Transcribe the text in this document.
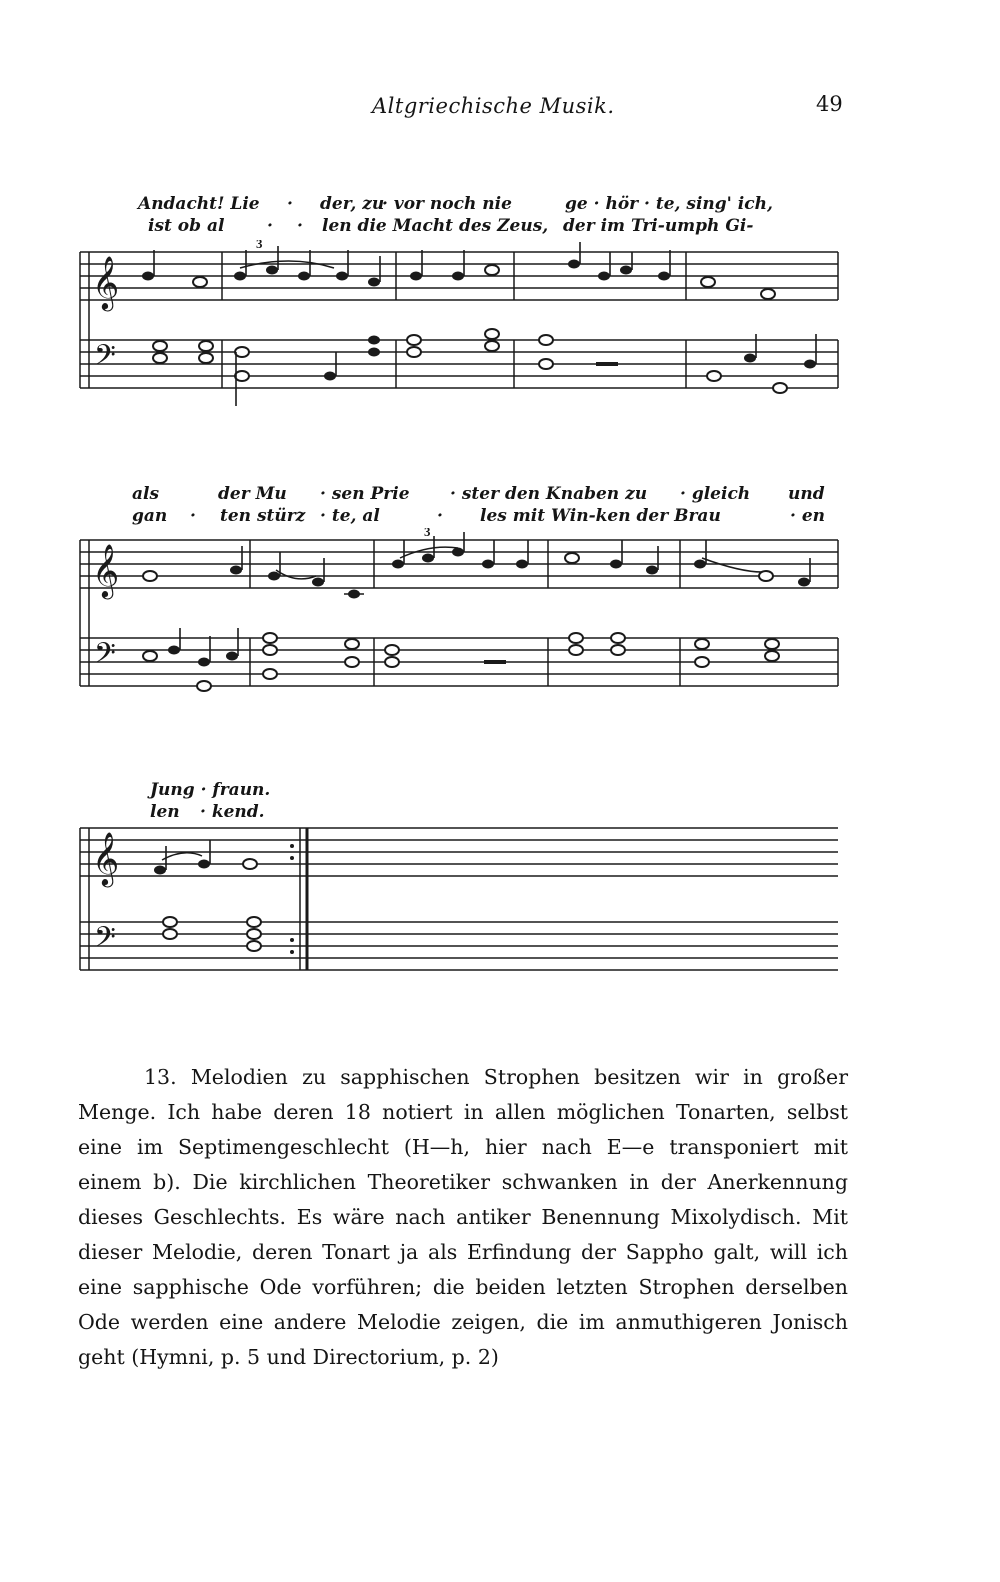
Altgriechische Musik.	49
Andacht! Lie · der, zu
· vor noch nie	ge · hör · te, sing' ich,
ist ob al	· · len die Macht des Zeus, der im Tri-umph Gi-
𝄞
𝄢
3
als	der Mu · sen Prie · ster den Knaben zu · gleich und
gan · ten stürz · te, al	· les mit Win-ken der Brau	· en
𝄞
𝄢
3
Jung · fraun.
len · kend.
𝄞
𝄢

13. Melodien zu sapphischen Strophen besitzen wir in großer Menge. Ich habe deren 18 notiert in allen möglichen Tonarten, selbst eine im Septimengeschlecht (H—h, hier nach E—e transponiert mit einem b). Die kirchlichen Theoretiker schwanken in der Anerkennung dieses Geschlechts. Es wäre nach antiker Benennung Mixolydisch. Mit dieser Melodie, deren Tonart ja als Erfindung der Sappho galt, will ich eine sapphische Ode vorführen; die beiden letzten Strophen derselben Ode werden eine andere Melodie zeigen, die im anmuthigeren Jonisch geht (Hymni, p. 5 und Directorium, p. 2)
